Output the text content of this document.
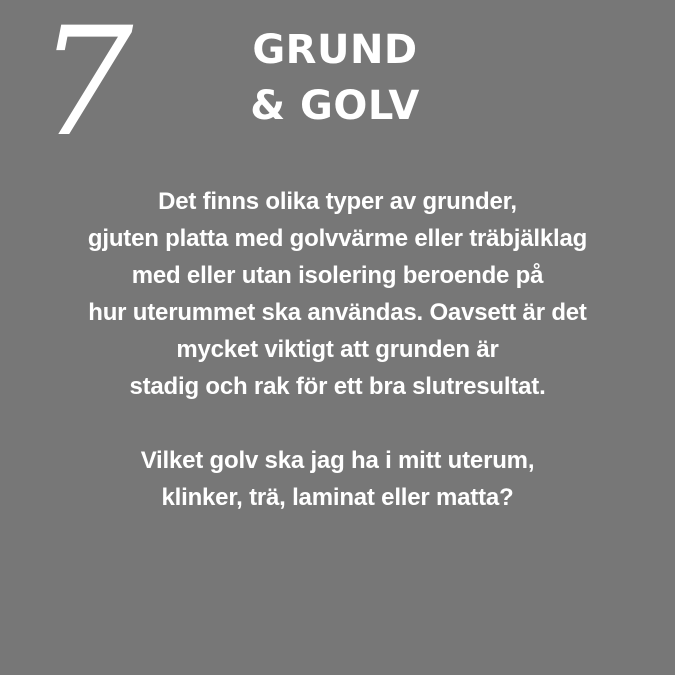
7	GRUND
& GOLV

Det finns olika typer av grunder,
gjuten platta med golvvärme eller träbjälklag
med eller utan isolering beroende på
hur uterummet ska användas. Oavsett är det
mycket viktigt att grunden är
stadig och rak för ett bra slutresultat.

Vilket golv ska jag ha i mitt uterum,
klinker, trä, laminat eller matta?
